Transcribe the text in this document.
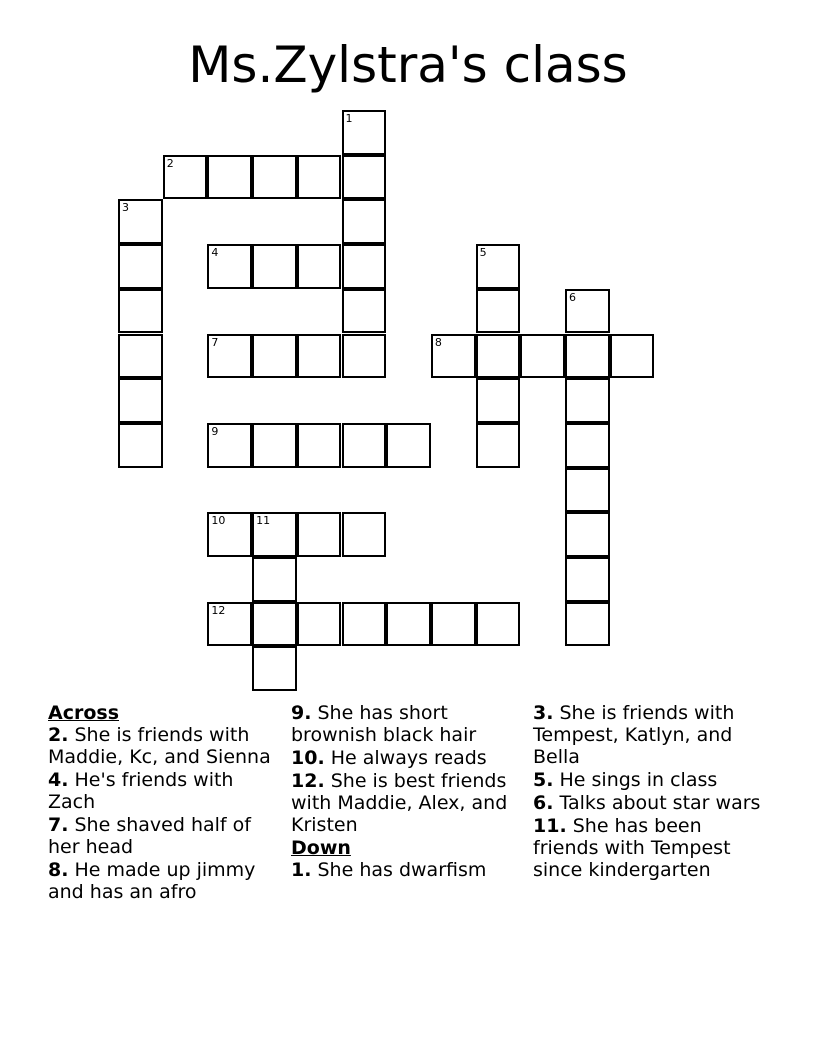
Ms.Zylstra's class
1
2
3
4	5
6
7	8
9
10	11
12
Across
2. She is friends with Maddie, Kc, and Sienna
4. He's friends with Zach
7. She shaved half of her head
8. He made up jimmy and has an afro
9. She has short brownish black hair
10. He always reads
12. She is best friends with Maddie, Alex, and Kristen
Down
1. She has dwarfism
3. She is friends with Tempest, Katlyn, and Bella
5. He sings in class
6. Talks about star wars
11. She has been friends with Tempest since kindergarten
